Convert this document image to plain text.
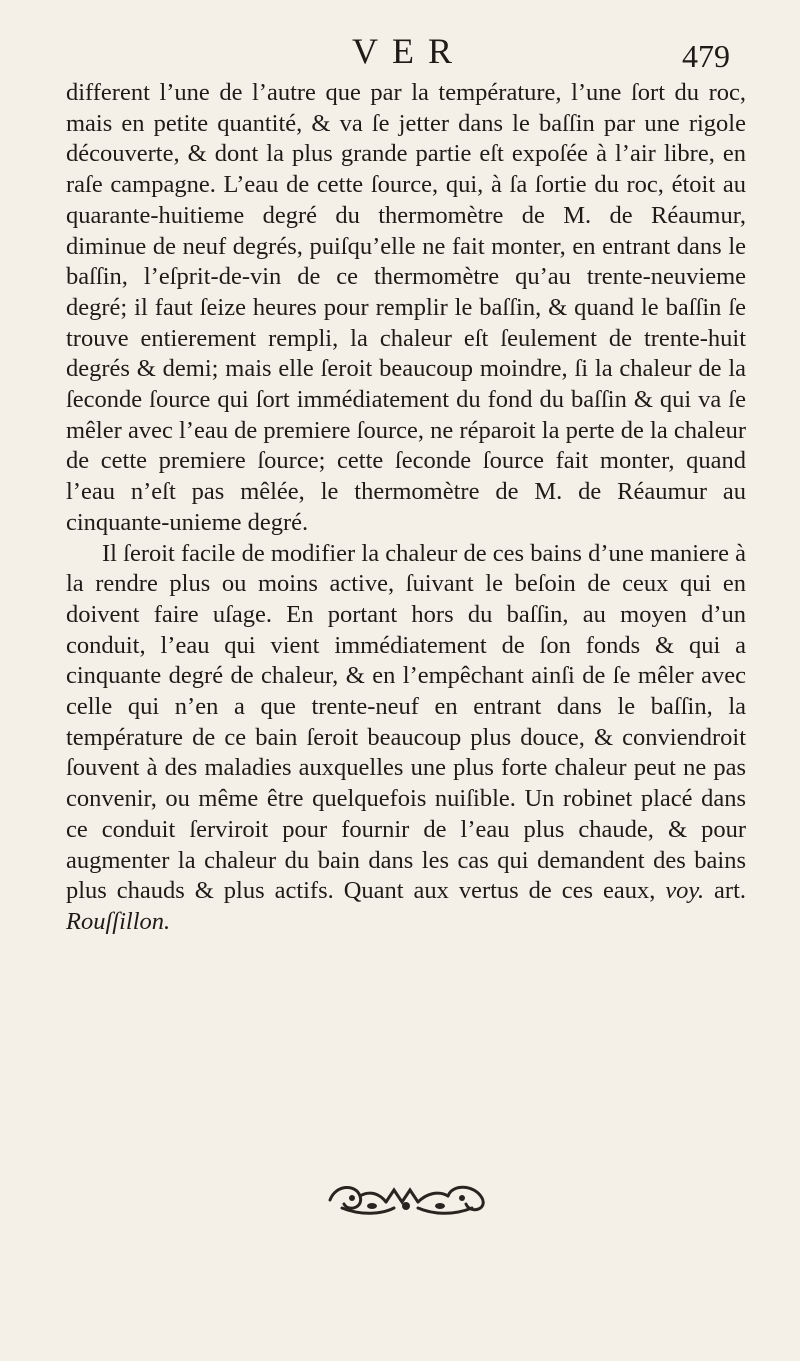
VER	479

different l’une de l’autre que par la température, l’une ſort du roc, mais en petite quantité, & va ſe jetter dans le baſſin par une rigole découverte, & dont la plus grande partie eſt expoſée à l’air libre, en raſe campagne. L’eau de cette ſource, qui, à ſa ſortie du roc, étoit au quarante-huitieme degré du thermomètre de M. de Réaumur, diminue de neuf degrés, puiſqu’elle ne fait monter, en entrant dans le baſſin, l’eſprit-de-vin de ce thermomètre qu’au trente-neuvieme degré; il faut ſeize heures pour remplir le baſſin, & quand le baſſin ſe trouve entierement rempli, la chaleur eſt ſeulement de trente-huit degrés & demi; mais elle ſeroit beaucoup moindre, ſi la chaleur de la ſeconde ſource qui ſort immédiatement du fond du baſſin & qui va ſe mêler avec l’eau de premiere ſource, ne réparoit la perte de la chaleur de cette premiere ſource; cette ſeconde ſource fait monter, quand l’eau n’eſt pas mêlée, le thermomètre de M. de Réaumur au cinquante-unieme degré.

Il ſeroit facile de modifier la chaleur de ces bains d’une maniere à la rendre plus ou moins active, ſuivant le beſoin de ceux qui en doivent faire uſage. En portant hors du baſſin, au moyen d’un conduit, l’eau qui vient immédiatement de ſon fonds & qui a cinquante degré de chaleur, & en l’empêchant ainſi de ſe mêler avec celle qui n’en a que trente-neuf en entrant dans le baſſin, la température de ce bain ſeroit beaucoup plus douce, & conviendroit ſouvent à des maladies auxquelles une plus forte chaleur peut ne pas convenir, ou même être quelquefois nuiſible. Un robinet placé dans ce conduit ſerviroit pour fournir de l’eau plus chaude, & pour augmenter la chaleur du bain dans les cas qui demandent des bains plus chauds & plus actifs. Quant aux vertus de ces eaux, voy. art. Rouſſillon.
